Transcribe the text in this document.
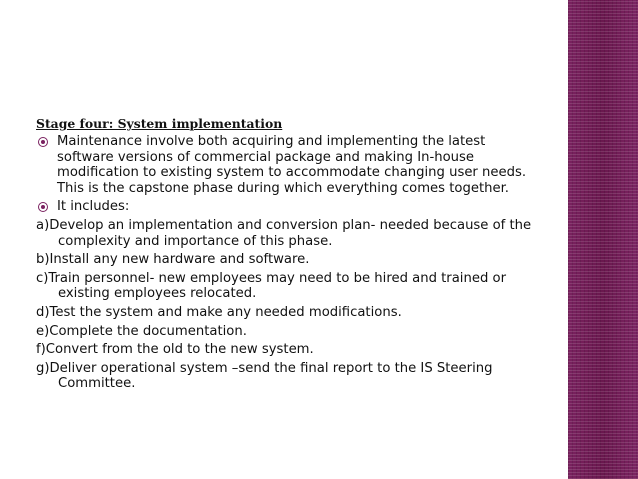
Stage four: System implementation
Maintenance involve both acquiring and implementing the latest software versions of commercial package and making In-house modification to existing system to accommodate changing user needs. This is the capstone phase during which everything comes together.
It includes:
a)Develop an implementation and conversion plan- needed because of the complexity and importance of this phase.
b)Install any new hardware and software.
c)Train personnel- new employees may need to be hired and trained or existing employees relocated.
d)Test the system and make any needed modifications.
e)Complete the documentation.
f)Convert from the old to the new system.
g)Deliver operational system –send the final report to the IS Steering Committee.
